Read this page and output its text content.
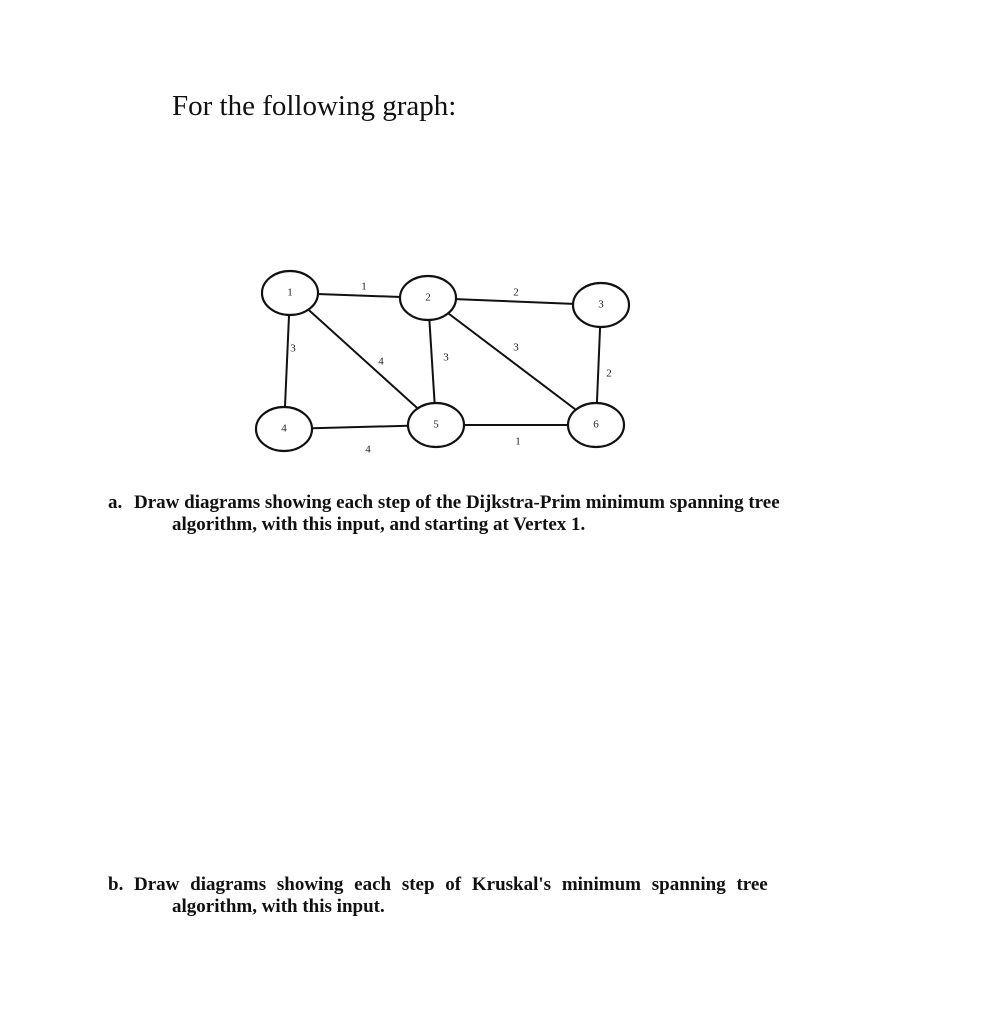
For the following graph:
1	2
3
4	3
3
2
4
1
1	2
3
4	5	6
a. Draw diagrams showing each step of the Dijkstra-Prim minimum spanning tree
algorithm, with this input, and starting at Vertex 1.
b. Draw diagrams showing each step of Kruskal's minimum spanning tree
algorithm, with this input.
